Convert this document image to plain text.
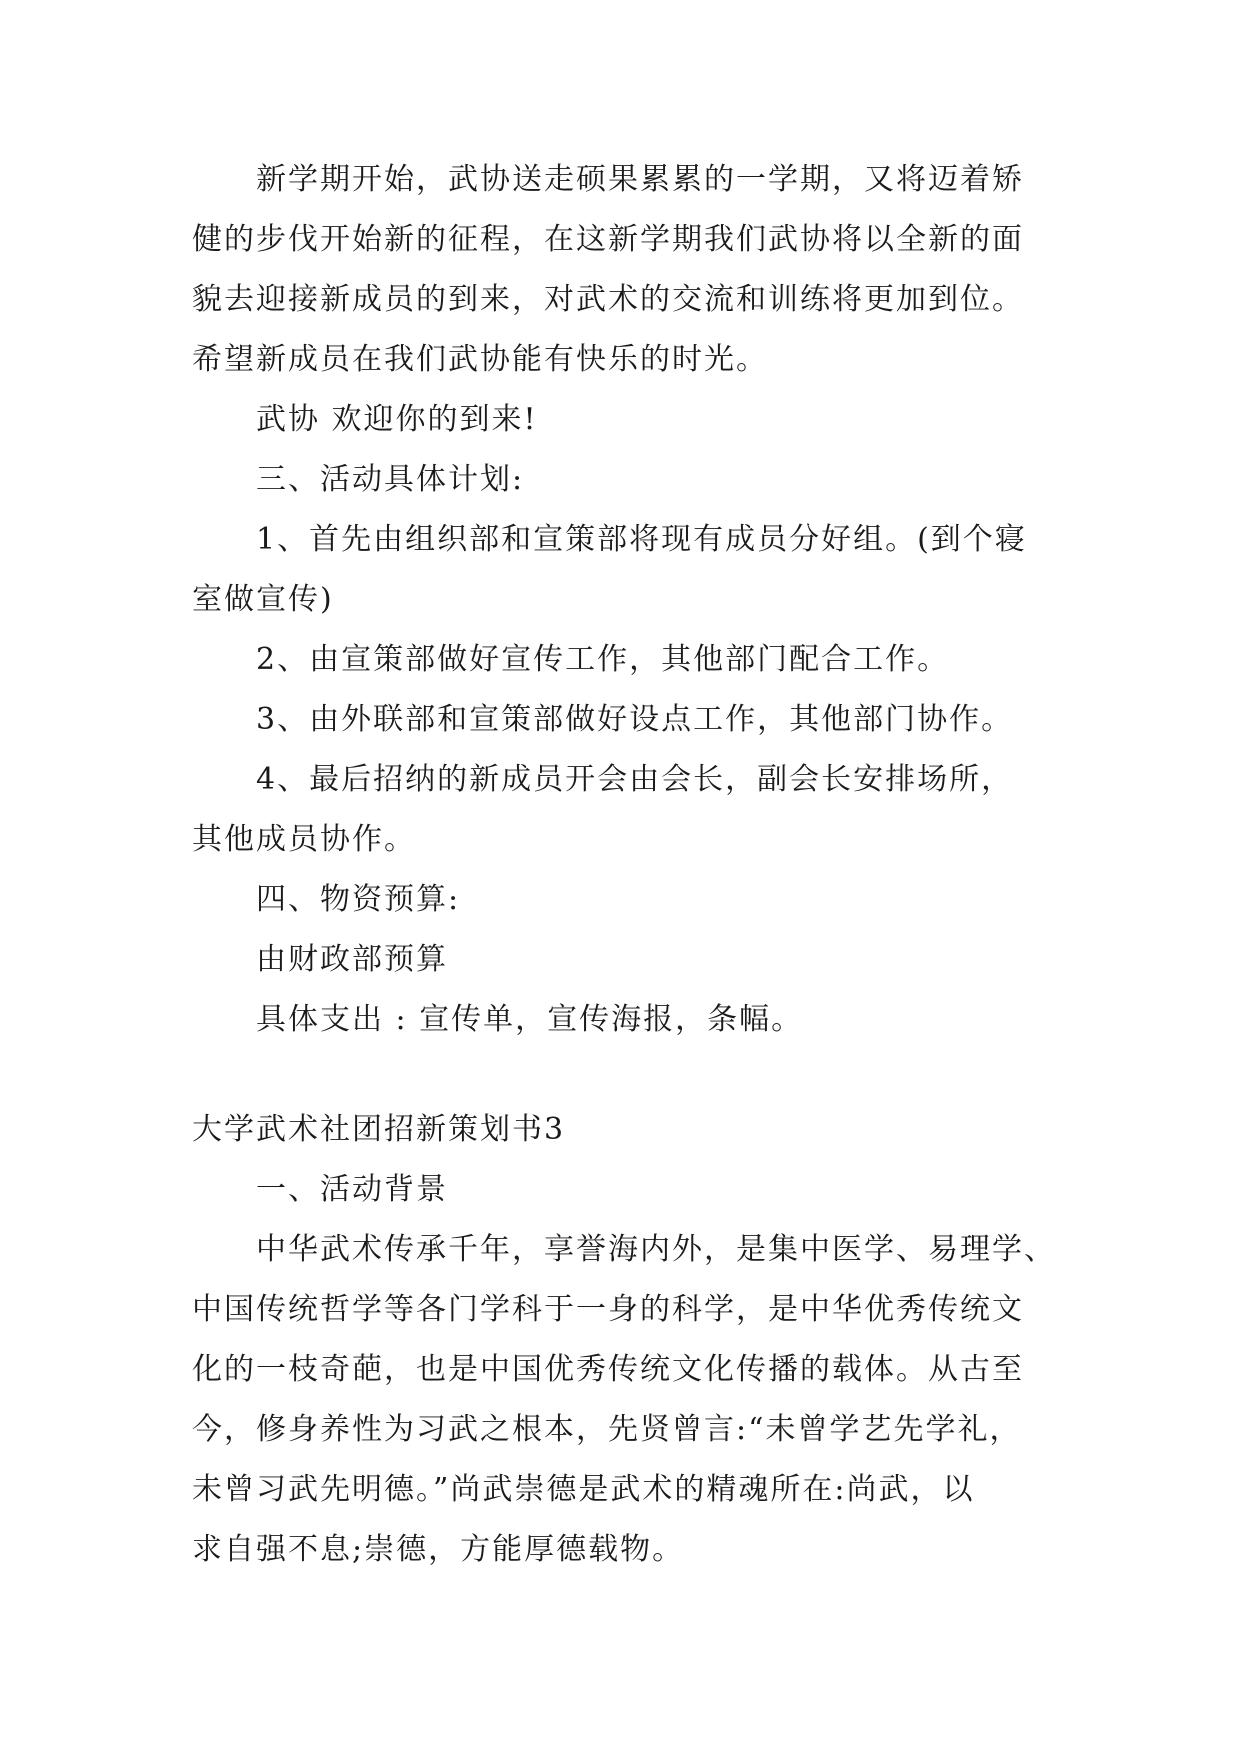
新学期开始，武协送走硕果累累的一学期，又将迈着矫
健的步伐开始新的征程，在这新学期我们武协将以全新的面
貌去迎接新成员的到来，对武术的交流和训练将更加到位。
希望新成员在我们武协能有快乐的时光。
武协 欢迎你的到来!
三、活动具体计划:
1、首先由组织部和宣策部将现有成员分好组。(到个寝
室做宣传)
2、由宣策部做好宣传工作，其他部门配合工作。
3、由外联部和宣策部做好设点工作，其他部门协作。
4、最后招纳的新成员开会由会长，副会长安排场所，
其他成员协作。
四、物资预算:
由财政部预算
具体支出 : 宣传单，宣传海报，条幅。
大学武术社团招新策划书3
一、活动背景
中华武术传承千年，享誉海内外，是集中医学、易理学、
中国传统哲学等各门学科于一身的科学，是中华优秀传统文
化的一枝奇葩，也是中国优秀传统文化传播的载体。从古至
今，修身养性为习武之根本，先贤曾言:“未曾学艺先学礼，
未曾习武先明德。”尚武崇德是武术的精魂所在:尚武，以
求自强不息;崇德，方能厚德载物。
